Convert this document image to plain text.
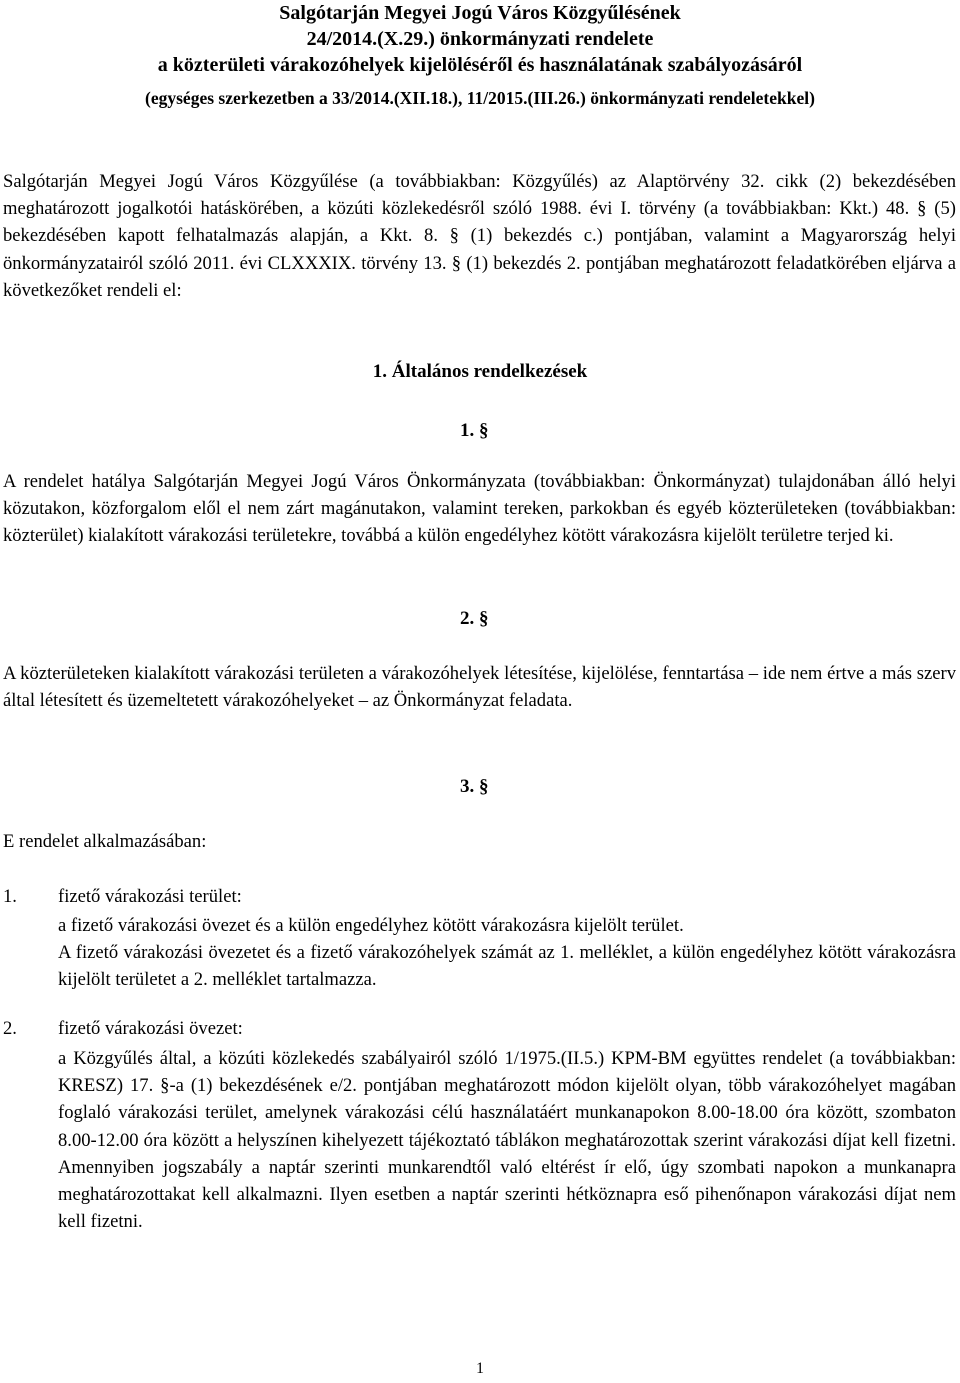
Salgótarján Megyei Jogú Város Közgyűlésének
24/2014.(X.29.) önkormányzati rendelete
a közterületi várakozóhelyek kijelöléséről és használatának szabályozásáról
(egységes szerkezetben a 33/2014.(XII.18.), 11/2015.(III.26.) önkormányzati rendeletekkel)

Salgótarján Megyei Jogú Város Közgyűlése (a továbbiakban: Közgyűlés) az Alaptörvény 32. cikk (2) bekezdésében meghatározott jogalkotói hatáskörében, a közúti közlekedésről szóló 1988. évi I. törvény (a továbbiakban: Kkt.) 48. § (5) bekezdésében kapott felhatalmazás alapján, a Kkt. 8. § (1) bekezdés c.) pontjában, valamint a Magyarország helyi önkormányzatairól szóló 2011. évi CLXXXIX. törvény 13. § (1) bekezdés 2. pontjában meghatározott feladatkörében eljárva a következőket rendeli el:

1. Általános rendelkezések
1. §

A rendelet hatálya Salgótarján Megyei Jogú Város Önkormányzata (továbbiakban: Önkormányzat) tulajdonában álló helyi közutakon, közforgalom elől el nem zárt magánutakon, valamint tereken, parkokban és egyéb közterületeken (továbbiakban: közterület) kialakított várakozási területekre, továbbá a külön engedélyhez kötött várakozásra kijelölt területre terjed ki.

2. §

A közterületeken kialakított várakozási területen a várakozóhelyek létesítése, kijelölése, fenntartása – ide nem értve a más szerv által létesített és üzemeltetett várakozóhelyeket – az Önkormányzat feladata.

3. §
E rendelet alkalmazásában:
1. fizető várakozási terület:
a fizető várakozási övezet és a külön engedélyhez kötött várakozásra kijelölt terület.
A fizető várakozási övezetet és a fizető várakozóhelyek számát az 1. melléklet, a külön engedélyhez kötött várakozásra kijelölt területet a 2. melléklet tartalmazza.
2. fizető várakozási övezet:
a Közgyűlés által, a közúti közlekedés szabályairól szóló 1/1975.(II.5.) KPM-BM együttes rendelet (a továbbiakban: KRESZ) 17. §-a (1) bekezdésének e/2. pontjában meghatározott módon kijelölt olyan, több várakozóhelyet magában foglaló várakozási terület, amelynek várakozási célú használatáért munkanapokon 8.00-18.00 óra között, szombaton 8.00-12.00 óra között a helyszínen kihelyezett tájékoztató táblákon meghatározottak szerint várakozási díjat kell fizetni. Amennyiben jogszabály a naptár szerinti munkarendtől való eltérést ír elő, úgy szombati napokon a munkanapra meghatározottakat kell alkalmazni. Ilyen esetben a naptár szerinti hétköznapra eső pihenőnapon várakozási díjat nem kell fizetni.
1
